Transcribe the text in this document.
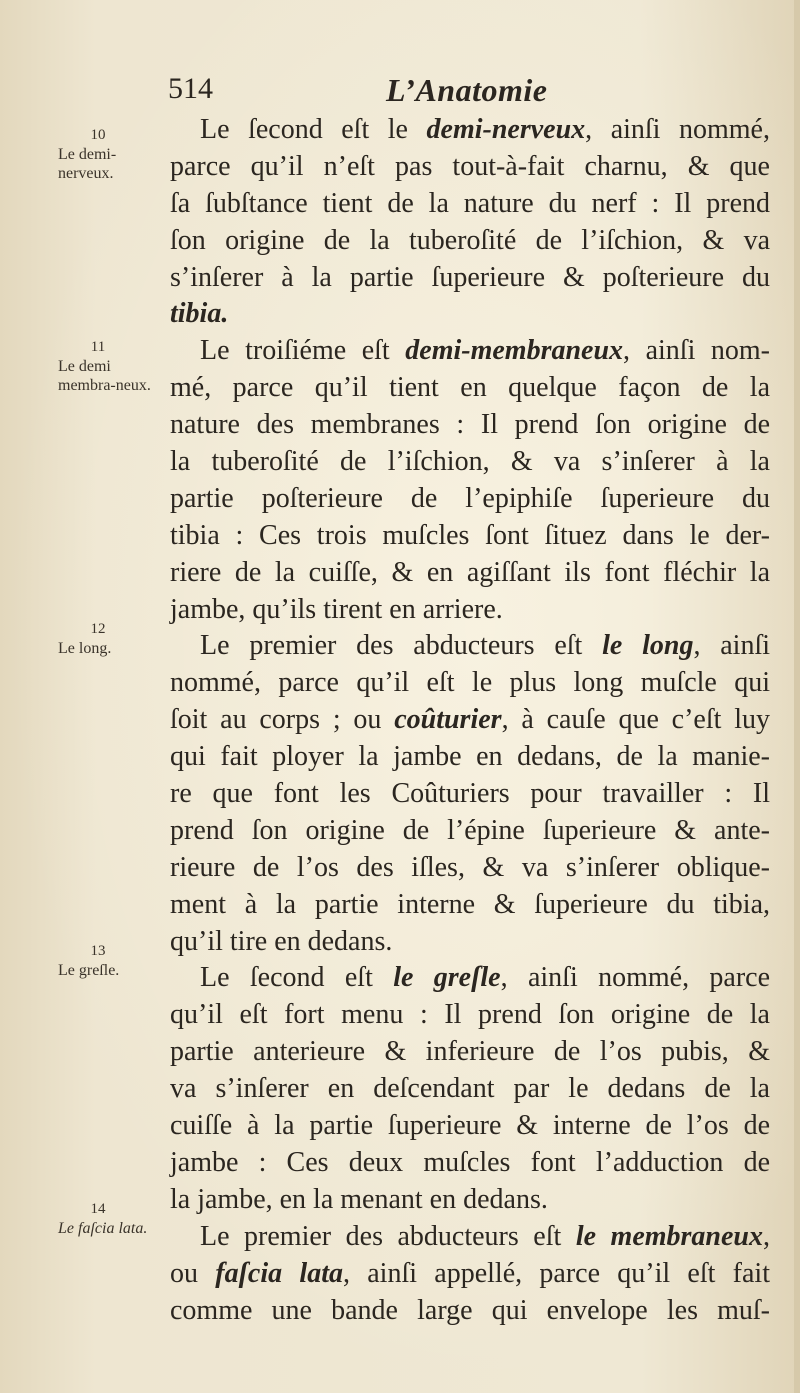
514	L’Anatomie
Le ſecond eſt le demi-nerveux, ainſi nommé,
parce qu’il n’eſt pas tout-à-fait charnu, & que
ſa ſubſtance tient de la nature du nerf : Il prend
ſon origine de la tuberoſité de l’iſchion, & va
s’inſerer à la partie ſuperieure & poſterieure du
tibia.
Le troiſiéme eſt demi-membraneux, ainſi nom-
mé, parce qu’il tient en quelque façon de la
nature des membranes : Il prend ſon origine de
la tuberoſité de l’iſchion, & va s’inſerer à la
partie poſterieure de l’epiphiſe ſuperieure du
tibia : Ces trois muſcles ſont ſituez dans le der-
riere de la cuiſſe, & en agiſſant ils font fléchir la
jambe, qu’ils tirent en arriere.
Le premier des abducteurs eſt le long, ainſi
nommé, parce qu’il eſt le plus long muſcle qui
ſoit au corps ; ou coûturier, à cauſe que c’eſt luy
qui fait ployer la jambe en dedans, de la manie-
re que font les Coûturiers pour travailler : Il
prend ſon origine de l’épine ſuperieure & ante-
rieure de l’os des iſles, & va s’inſerer oblique-
ment à la partie interne & ſuperieure du tibia,
qu’il tire en dedans.
Le ſecond eſt le greſle, ainſi nommé, parce
qu’il eſt fort menu : Il prend ſon origine de la
partie anterieure & inferieure de l’os pubis, &
va s’inſerer en deſcendant par le dedans de la
cuiſſe à la partie ſuperieure & interne de l’os de
jambe : Ces deux muſcles font l’adduction de
la jambe, en la menant en dedans.
Le premier des abducteurs eſt le membraneux,
ou faſcia lata, ainſi appellé, parce qu’il eſt fait
comme une bande large qui envelope les muſ-
10
Le demi-nerveux.
11
Le demi membra-neux.
12
Le long.
13
Le greſle.
14
Le faſcia lata.
